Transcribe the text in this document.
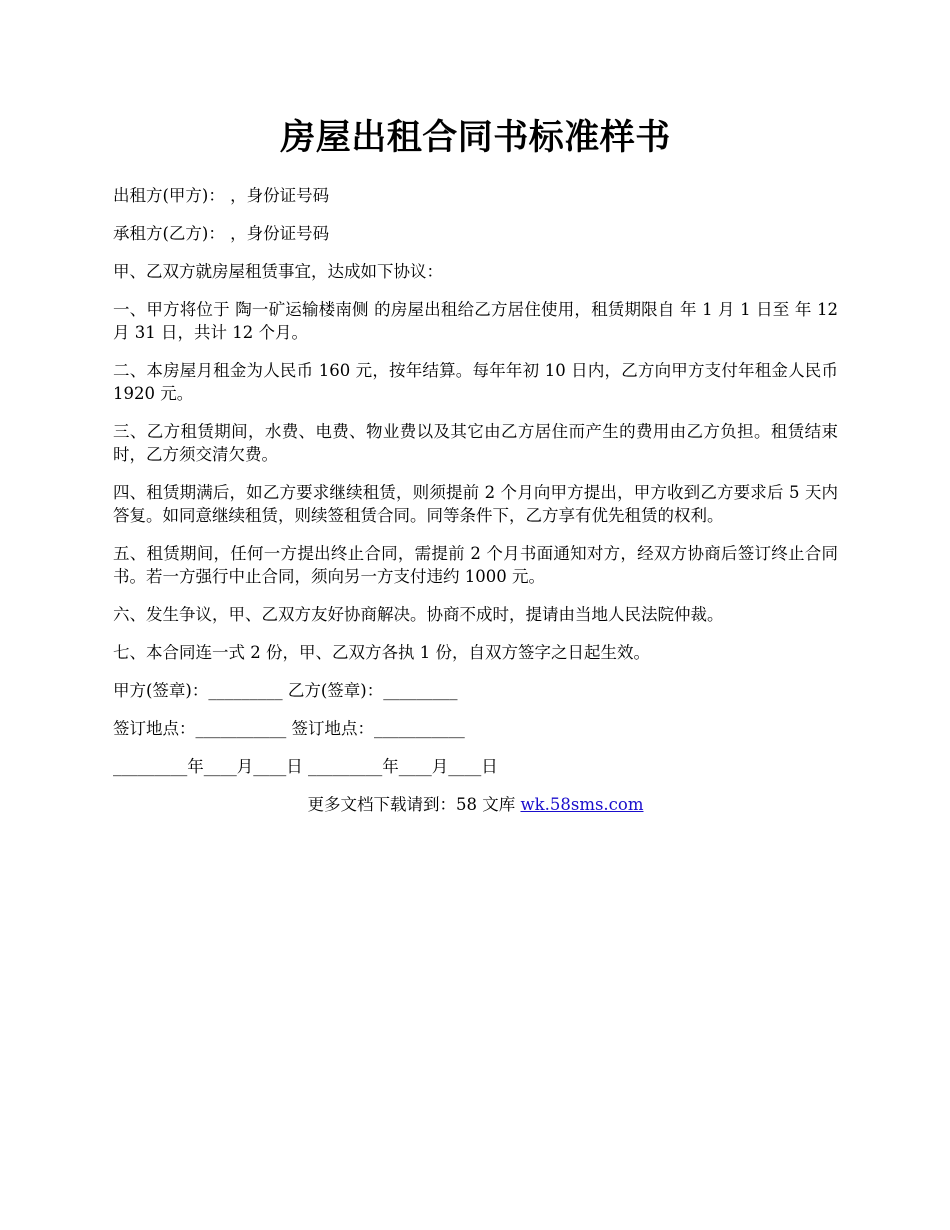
房屋出租合同书标准样书

出租方(甲方)： ，身份证号码

承租方(乙方)： ，身份证号码

甲、乙双方就房屋租赁事宜，达成如下协议：

一、甲方将位于 陶一矿运输楼南侧 的房屋出租给乙方居住使用，租赁期限自 年 1 月 1 日至 年 12 月 31 日，共计 12 个月。

二、本房屋月租金为人民币 160 元，按年结算。每年年初 10 日内，乙方向甲方支付年租金人民币 1920 元。

三、乙方租赁期间，水费、电费、物业费以及其它由乙方居住而产生的费用由乙方负担。租赁结束时，乙方须交清欠费。

四、租赁期满后，如乙方要求继续租赁，则须提前 2 个月向甲方提出，甲方收到乙方要求后 5 天内答复。如同意继续租赁，则续签租赁合同。同等条件下，乙方享有优先租赁的权利。

五、租赁期间，任何一方提出终止合同，需提前 2 个月书面通知对方，经双方协商后签订终止合同书。若一方强行中止合同，须向另一方支付违约 1000 元。

六、发生争议，甲、乙双方友好协商解决。协商不成时，提请由当地人民法院仲裁。

七、本合同连一式 2 份，甲、乙双方各执 1 份，自双方签字之日起生效。

甲方(签章)：_________ 乙方(签章)：_________

签订地点：___________ 签订地点：___________

_________年____月____日 _________年____月____日

更多文档下载请到：58 文库 wk.58sms.com
